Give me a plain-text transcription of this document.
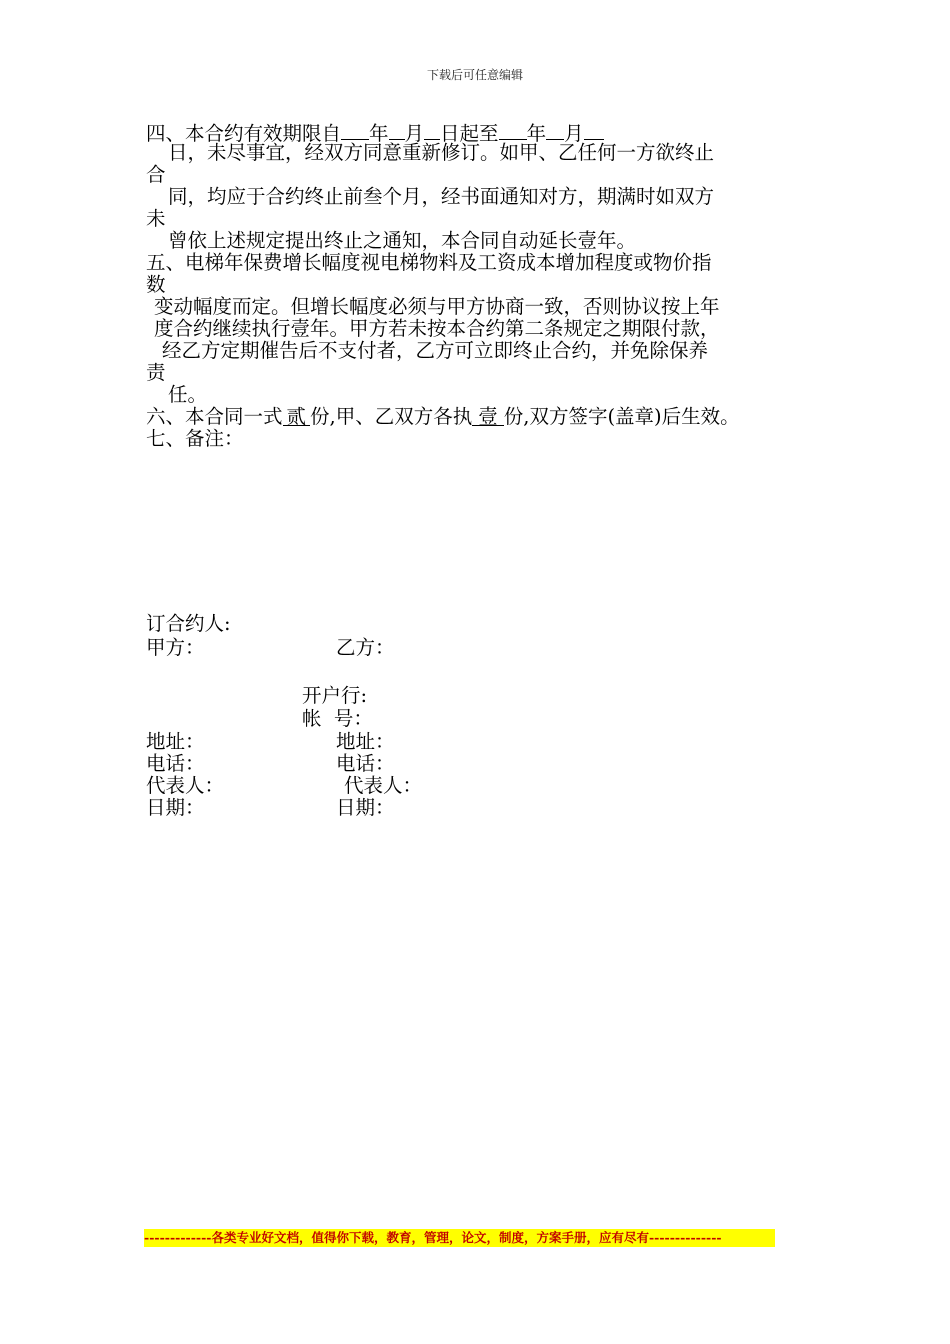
下载后可任意编辑
四、本合约有效期限自 年 月 日起至 年 月
日，未尽事宜，经双方同意重新修订。如甲、乙任何一方欲终止
合
同，均应于合约终止前叁个月，经书面通知对方，期满时如双方
未
曾依上述规定提出终止之通知，本合同自动延长壹年。
五、电梯年保费增长幅度视电梯物料及工资成本增加程度或物价指
数
变动幅度而定。但增长幅度必须与甲方协商一致，否则协议按上年
度合约继续执行壹年。甲方若未按本合约第二条规定之期限付款，
经乙方定期催告后不支付者，乙方可立即终止合约，并免除保养
责
任。
六、本合同一式 贰 份,甲、乙双方各执 壹 份,双方签字(盖章)后生效。
七、备注：
订合约人:
甲方：	乙方：
开户行:
帐  号：
地址：	地址：
电话：	电话：
代表人：	代表人：
日期：	日期：
-------------各类专业好文档，值得你下载，教育，管理，论文，制度，方案手册，应有尽有--------------
